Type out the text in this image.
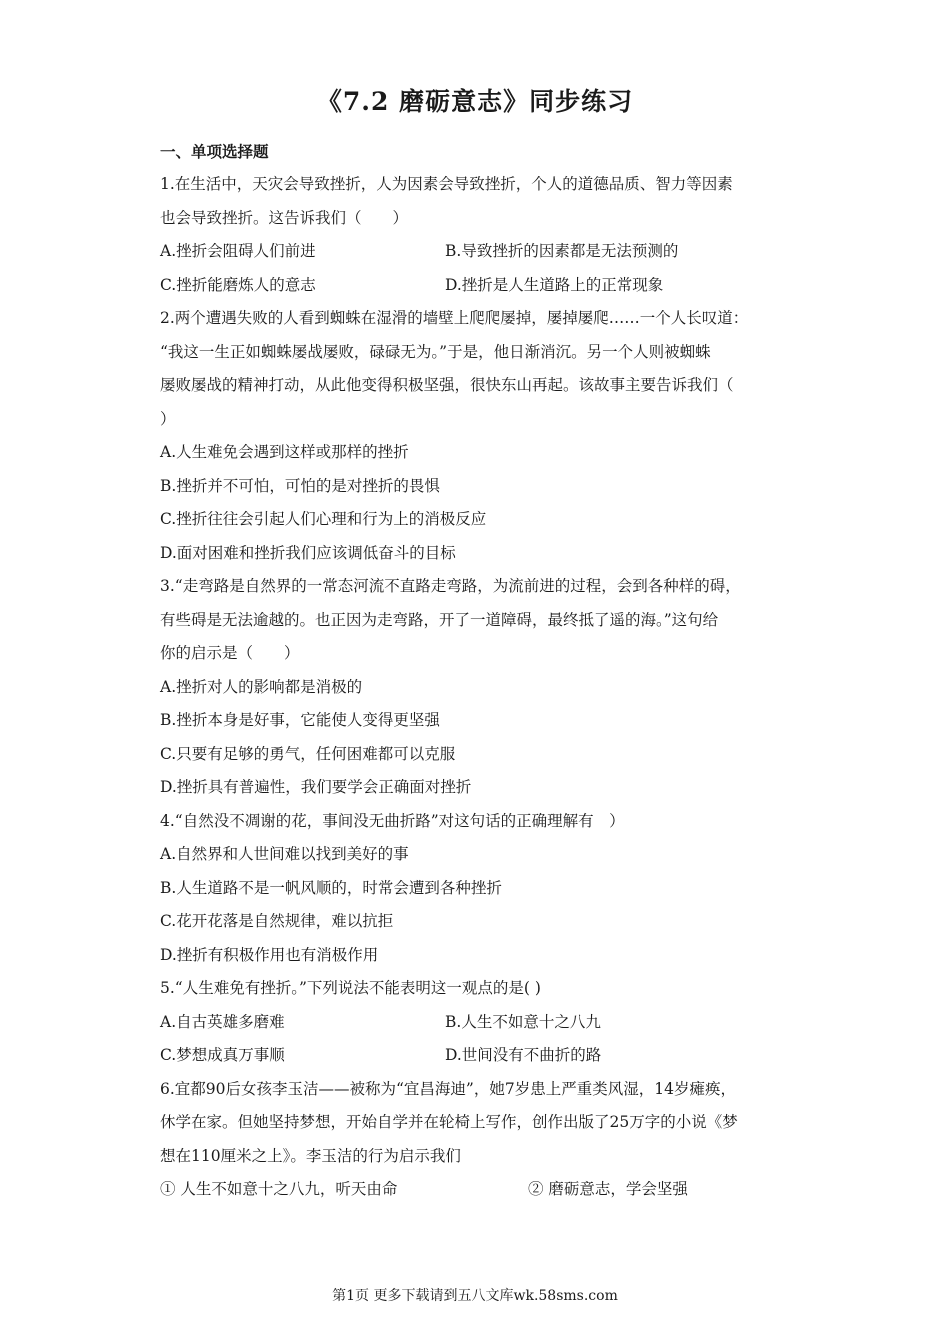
《7.2 磨砺意志》同步练习
一、单项选择题
1.在生活中，天灾会导致挫折，人为因素会导致挫折，个人的道德品质、智力等因素
也会导致挫折。这告诉我们（　　）
A.挫折会阻碍人们前进	B.导致挫折的因素都是无法预测的
C.挫折能磨炼人的意志	D.挫折是人生道路上的正常现象
2.两个遭遇失败的人看到蜘蛛在湿滑的墙壁上爬爬屡掉，屡掉屡爬……一个人长叹道：
“我这一生正如蜘蛛屡战屡败，碌碌无为。”于是，他日渐消沉。另一个人则被蜘蛛
屡败屡战的精神打动，从此他变得积极坚强，很快东山再起。该故事主要告诉我们（
）
A.人生难免会遇到这样或那样的挫折
B.挫折并不可怕，可怕的是对挫折的畏惧
C.挫折往往会引起人们心理和行为上的消极反应
D.面对困难和挫折我们应该调低奋斗的目标
3.“走弯路是自然界的一常态河流不直路走弯路，为流前进的过程，会到各种样的碍，
有些碍是无法逾越的。也正因为走弯路，开了一道障碍，最终抵了遥的海。”这句给
你的启示是（　　）
A.挫折对人的影响都是消极的
B.挫折本身是好事，它能使人变得更坚强
C.只要有足够的勇气，任何困难都可以克服
D.挫折具有普遍性，我们要学会正确面对挫折
4.“自然没不凋谢的花，事间没无曲折路”对这句话的正确理解有　）
A.自然界和人世间难以找到美好的事
B.人生道路不是一帆风顺的，时常会遭到各种挫折
C.花开花落是自然规律，难以抗拒
D.挫折有积极作用也有消极作用
5.“人生难免有挫折。”下列说法不能表明这一观点的是( )
A.自古英雄多磨难	B.人生不如意十之八九
C.梦想成真万事顺	D.世间没有不曲折的路
6.宜都90后女孩李玉洁——被称为“宜昌海迪”，她7岁患上严重类风湿，14岁瘫痪，
休学在家。但她坚持梦想，开始自学并在轮椅上写作，创作出版了25万字的小说《梦
想在110厘米之上》。李玉洁的行为启示我们
① 人生不如意十之八九，听天由命	② 磨砺意志，学会坚强
第1页 更多下载请到五八文库wk.58sms.com
